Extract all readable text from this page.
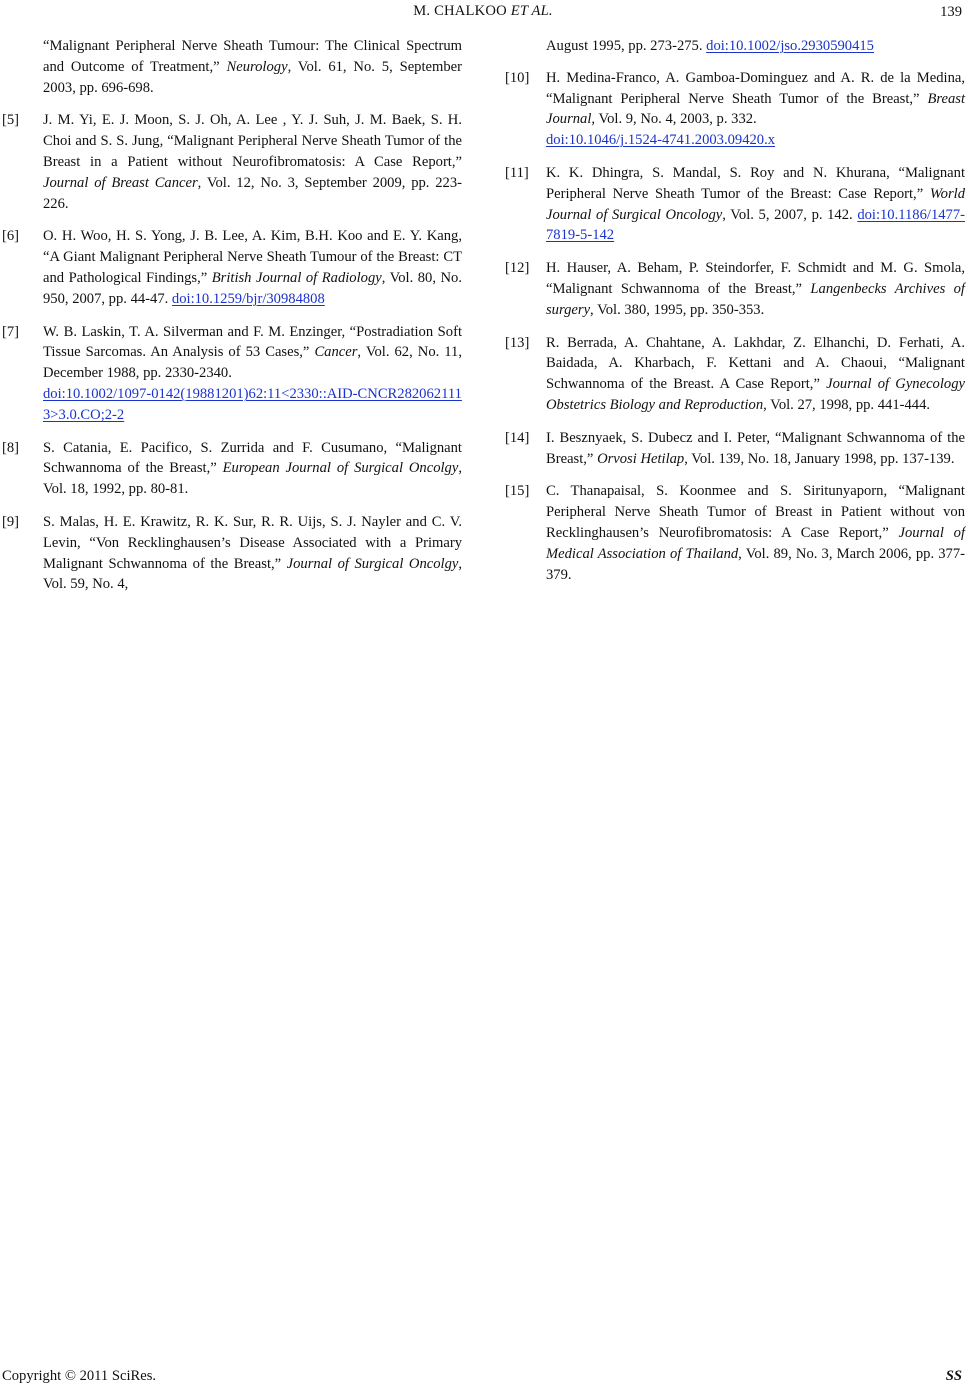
M. CHALKOO ET AL.	139

“Malignant Peripheral Nerve Sheath Tumour: The Clinical Spectrum and Outcome of Treatment,” Neurology, Vol. 61, No. 5, September 2003, pp. 696-698.

[5] J. M. Yi, E. J. Moon, S. J. Oh, A. Lee , Y. J. Suh, J. M. Baek, S. H. Choi and S. S. Jung, “Malignant Peripheral Nerve Sheath Tumor of the Breast in a Patient without Neurofibromatosis: A Case Report,” Journal of Breast Cancer, Vol. 12, No. 3, September 2009, pp. 223-226.

[6] O. H. Woo, H. S. Yong, J. B. Lee, A. Kim, B.H. Koo and E. Y. Kang, “A Giant Malignant Peripheral Nerve Sheath Tumour of the Breast: CT and Pathological Findings,” British Journal of Radiology, Vol. 80, No. 950, 2007, pp. 44-47. doi:10.1259/bjr/30984808

[7] W. B. Laskin, T. A. Silverman and F. M. Enzinger, “Postradiation Soft Tissue Sarcomas. An Analysis of 53 Cases,” Cancer, Vol. 62, No. 11, December 1988, pp. 2330-2340.
doi:10.1002/1097-0142(19881201)62:11<2330::AID-CNCR2820621113>3.0.CO;2-2

[8] S. Catania, E. Pacifico, S. Zurrida and F. Cusumano, “Malignant Schwannoma of the Breast,” European Journal of Surgical Oncolgy, Vol. 18, 1992, pp. 80-81.

[9] S. Malas, H. E. Krawitz, R. K. Sur, R. R. Uijs, S. J. Nayler and C. V. Levin, “Von Recklinghausen’s Disease Associated with a Primary Malignant Schwannoma of the Breast,” Journal of Surgical Oncolgy, Vol. 59, No. 4,

August 1995, pp. 273-275. doi:10.1002/jso.2930590415

[10] H. Medina-Franco, A. Gamboa-Dominguez and A. R. de la Medina, “Malignant Peripheral Nerve Sheath Tumor of the Breast,” Breast Journal, Vol. 9, No. 4, 2003, p. 332.
doi:10.1046/j.1524-4741.2003.09420.x

[11] K. K. Dhingra, S. Mandal, S. Roy and N. Khurana, “Malignant Peripheral Nerve Sheath Tumor of the Breast: Case Report,” World Journal of Surgical Oncology, Vol. 5, 2007, p. 142. doi:10.1186/1477-7819-5-142

[12] H. Hauser, A. Beham, P. Steindorfer, F. Schmidt and M. G. Smola, “Malignant Schwannoma of the Breast,” Langenbecks Archives of surgery, Vol. 380, 1995, pp. 350-353.

[13] R. Berrada, A. Chahtane, A. Lakhdar, Z. Elhanchi, D. Ferhati, A. Baidada, A. Kharbach, F. Kettani and A. Chaoui, “Malignant Schwannoma of the Breast. A Case Report,” Journal of Gynecology Obstetrics Biology and Reproduction, Vol. 27, 1998, pp. 441-444.

[14] I. Besznyaek, S. Dubecz and I. Peter, “Malignant Schwannoma of the Breast,” Orvosi Hetilap, Vol. 139, No. 18, January 1998, pp. 137-139.

[15] C. Thanapaisal, S. Koonmee and S. Siritunyaporn, “Malignant Peripheral Nerve Sheath Tumor of Breast in Patient without von Recklinghausen’s Neurofibromatosis: A Case Report,” Journal of Medical Association of Thailand, Vol. 89, No. 3, March 2006, pp. 377-379.

Copyright © 2011 SciRes.	SS
